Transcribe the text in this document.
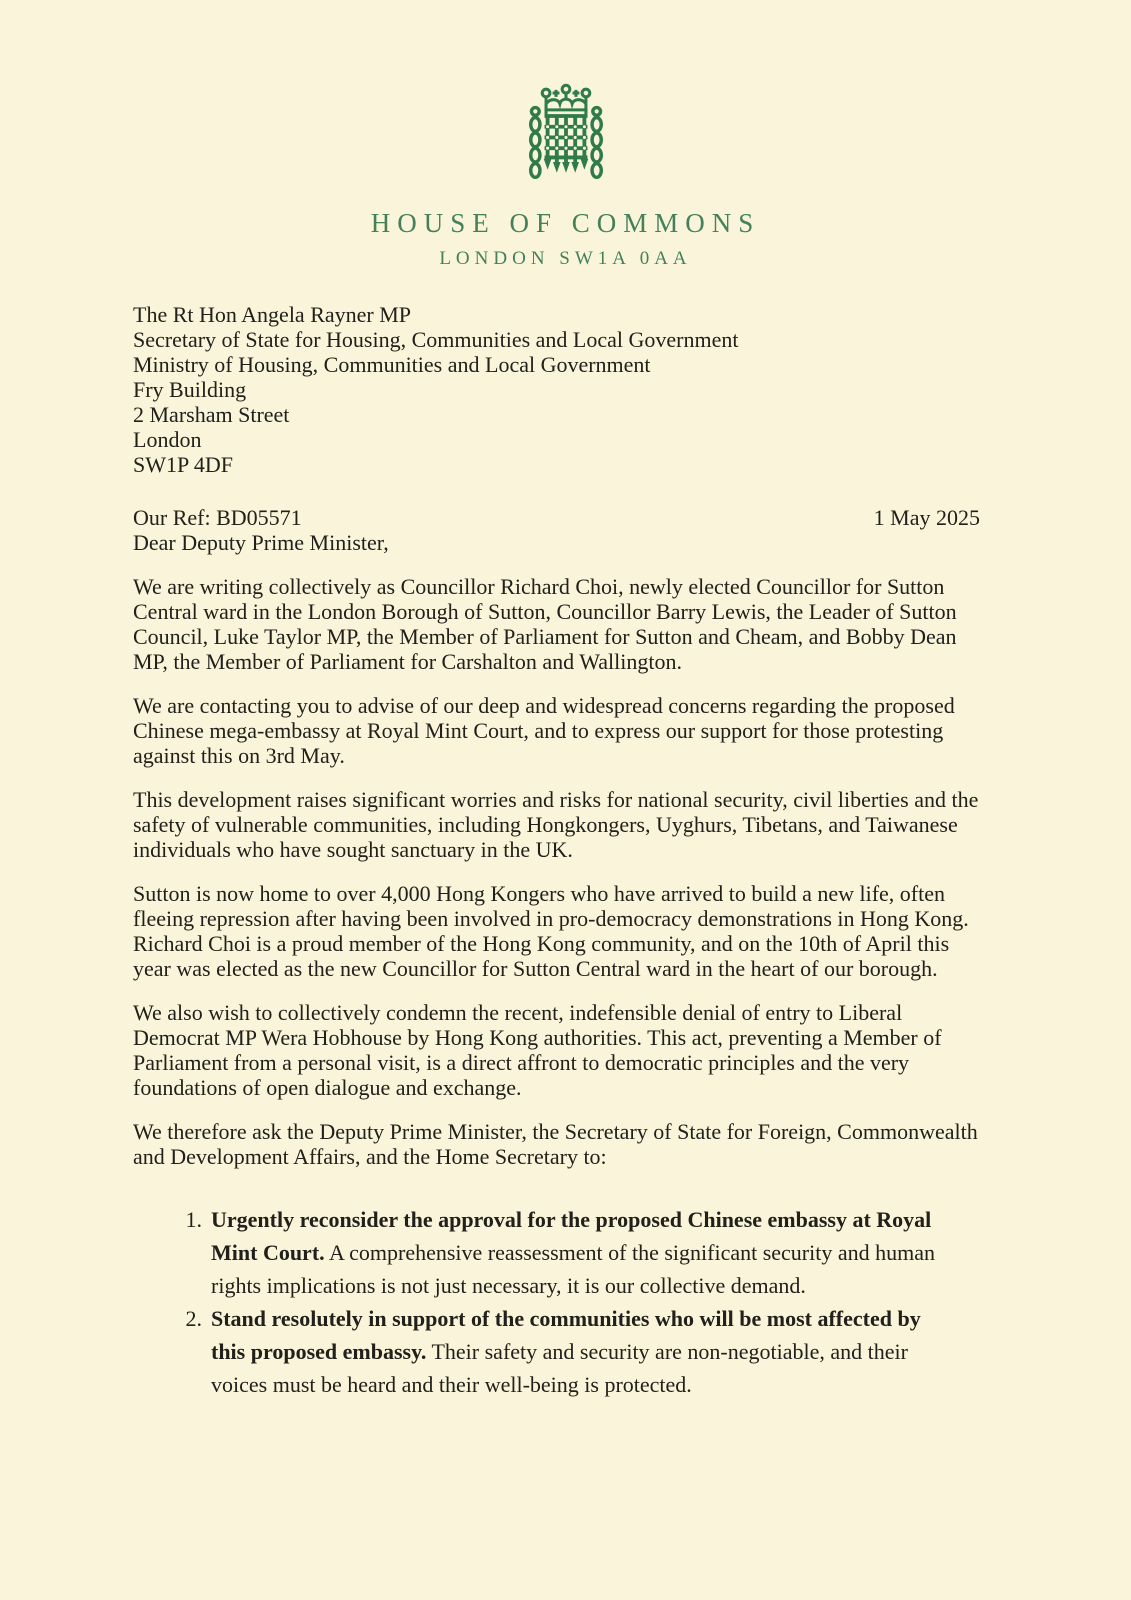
HOUSE OF COMMONS
LONDON SW1A 0AA
The Rt Hon Angela Rayner MP
Secretary of State for Housing, Communities and Local Government
Ministry of Housing, Communities and Local Government
Fry Building
2 Marsham Street
London
SW1P 4DF
Our Ref: BD05571	1 May 2025

Dear Deputy Prime Minister,

We are writing collectively as Councillor Richard Choi, newly elected Councillor for Sutton Central ward in the London Borough of Sutton, Councillor Barry Lewis, the Leader of Sutton Council, Luke Taylor MP, the Member of Parliament for Sutton and Cheam, and Bobby Dean MP, the Member of Parliament for Carshalton and Wallington.

We are contacting you to advise of our deep and widespread concerns regarding the proposed Chinese mega-embassy at Royal Mint Court, and to express our support for those protesting against this on 3rd May.

This development raises significant worries and risks for national security, civil liberties and the safety of vulnerable communities, including Hongkongers, Uyghurs, Tibetans, and Taiwanese individuals who have sought sanctuary in the UK.

Sutton is now home to over 4,000 Hong Kongers who have arrived to build a new life, often fleeing repression after having been involved in pro-democracy demonstrations in Hong Kong. Richard Choi is a proud member of the Hong Kong community, and on the 10th of April this year was elected as the new Councillor for Sutton Central ward in the heart of our borough.

We also wish to collectively condemn the recent, indefensible denial of entry to Liberal Democrat MP Wera Hobhouse by Hong Kong authorities. This act, preventing a Member of Parliament from a personal visit, is a direct affront to democratic principles and the very foundations of open dialogue and exchange.

We therefore ask the Deputy Prime Minister, the Secretary of State for Foreign, Commonwealth and Development Affairs, and the Home Secretary to:

1. Urgently reconsider the approval for the proposed Chinese embassy at Royal Mint Court. A comprehensive reassessment of the significant security and human rights implications is not just necessary, it is our collective demand.
2. Stand resolutely in support of the communities who will be most affected by this proposed embassy. Their safety and security are non-negotiable, and their voices must be heard and their well-being is protected.
